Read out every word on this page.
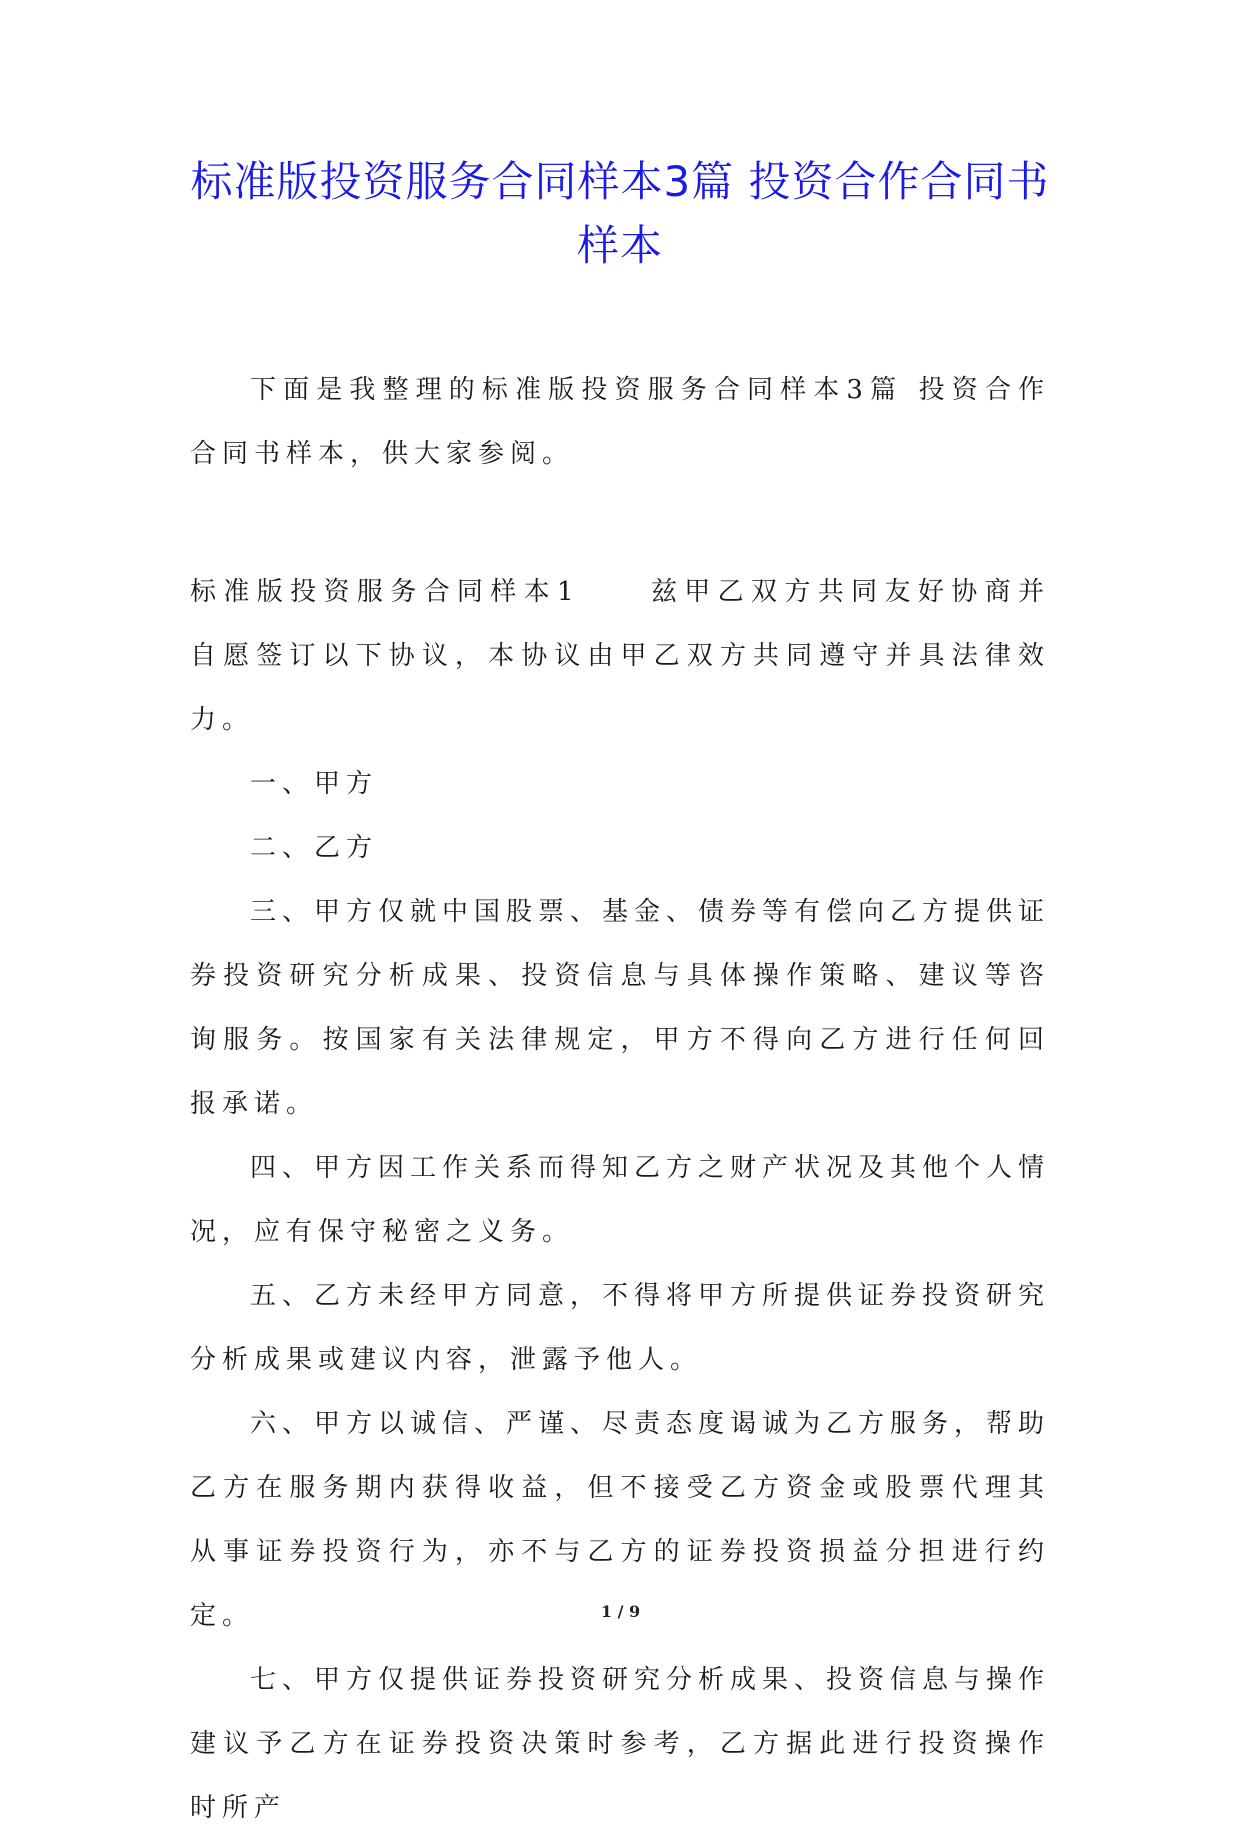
标准版投资服务合同样本3篇 投资合作合同书样本

下面是我整理的标准版投资服务合同样本3篇 投资合作合同书样本，供大家参阅。

标准版投资服务合同样本1	兹甲乙双方共同友好协商并自愿签订以下协议，本协议由甲乙双方共同遵守并具法律效力。

一、甲方

二、乙方

三、甲方仅就中国股票、基金、债券等有偿向乙方提供证券投资研究分析成果、投资信息与具体操作策略、建议等咨询服务。按国家有关法律规定，甲方不得向乙方进行任何回报承诺。

四、甲方因工作关系而得知乙方之财产状况及其他个人情况，应有保守秘密之义务。

五、乙方未经甲方同意，不得将甲方所提供证券投资研究分析成果或建议内容，泄露予他人。

六、甲方以诚信、严谨、尽责态度谒诚为乙方服务，帮助乙方在服务期内获得收益，但不接受乙方资金或股票代理其从事证券投资行为，亦不与乙方的证券投资损益分担进行约定。

七、甲方仅提供证券投资研究分析成果、投资信息与操作建议予乙方在证券投资决策时参考，乙方据此进行投资操作时所产

1 / 9
